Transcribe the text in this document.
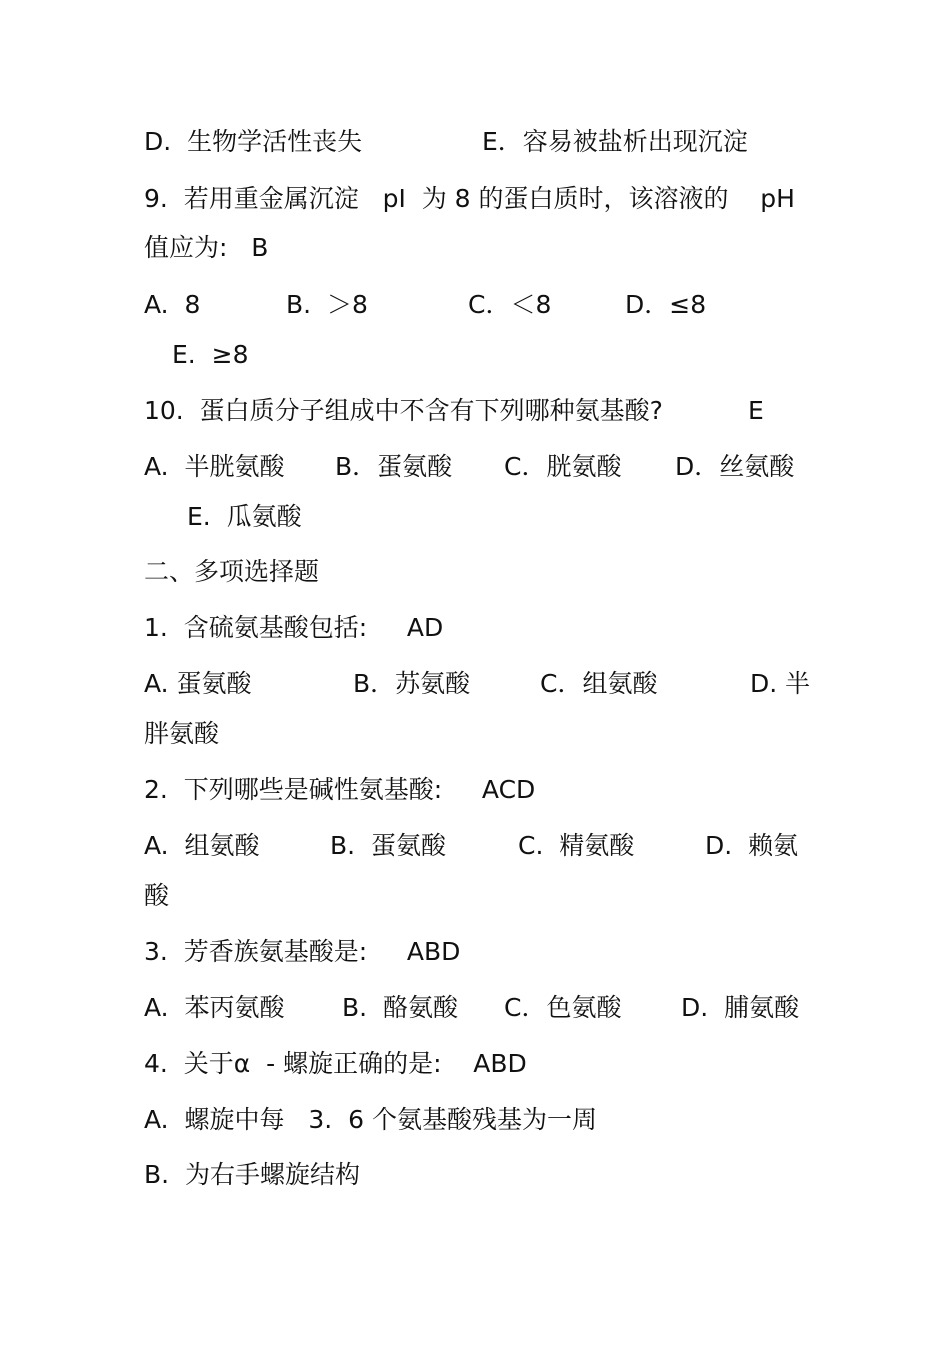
D.  生物学活性丧失

	E．容易被盐析出现沉淀

9.  若用重金属沉淀   pI  为 8 的蛋白质时，该溶液的    pH

值应为:   B

A.  8

	B.  ＞8

	C．＜8

	D．≤8

E.  ≥8

10.  蛋白质分子组成中不含有下列哪种氨基酸?

	E

A.  半胱氨酸

B．蛋氨酸

C．胱氨酸

D．丝氨酸

E.  瓜氨酸

二、多项选择题

1.  含硫氨基酸包括:     AD

A. 蛋氨酸

	B．苏氨酸

	C．组氨酸

	D. 半

胖氨酸

2.  下列哪些是碱性氨基酸:     ACD

A.  组氨酸

	B.  蛋氨酸

	C.  精氨酸

	D.  赖氨

酸

3.  芳香族氨基酸是:     ABD

A.  苯丙氨酸

B.  酪氨酸

C．色氨酸

D.  脯氨酸

4.  关于α  - 螺旋正确的是:    ABD

A.  螺旋中每   3.  6 个氨基酸残基为一周

B.  为右手螺旋结构
